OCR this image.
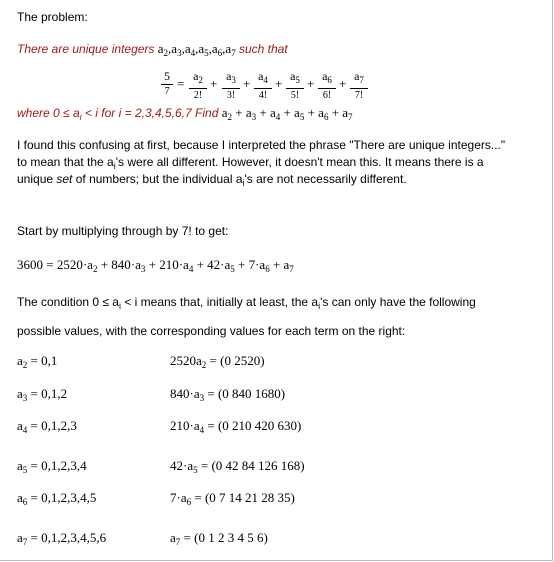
The problem:
There are unique integers $a_2,a_3,a_4,a_5,a_6,a_7$ such that
5
7
= $a_2$
2!
+ $a_3$
3!
+ $a_4$
4!
+ $a_5$
5!
+ $a_6$
6!
+ $a_7$
7!
where $0 \le a_i < i$ for i = 2,3,4,5,6,7 Find $a_2 + a_3 + a_4 + a_5 + a_6 + a_7$
I found this confusing at first, because I interpreted the phrase "There are unique integers..."
to mean that the $a_i's$ were all different. However, it doesn't mean this. It means there is a
unique set of numbers; but the individual $a_i's$ are not necessarily different.
Start by multiplying through by 7! to get:
$3600 = 2520\cdot a_2 + 840\cdot a_3 + 210\cdot a_4 + 42\cdot a_5 + 7\cdot a_6 + a_7$
The condition $0 \le a_i < i$ means that, initially at least, the $a_i's$ can only have the following
possible values, with the corresponding values for each term on the right:
$a_2 = 0,1$	$2520a_2 = (0$ 2520)
$a_3 = 0,1,2$	$840\cdot a_3 = (0$ 840 1680)
$a_4 = 0,1,2,3$	$210\cdot a_4 = (0$ 210 420 630)
$a_5 = 0,1,2,3,4$	$42\cdot a_5 = (0$ 42 84 126 168)
$a_6 = 0,1,2,3,4,5$	$7\cdot a_6 = (0$ 7 14 21 28 35)
$a_7 = 0,1,2,3,4,5,6$	$a_7 = (0$ 1 2 3 4 5 6)
